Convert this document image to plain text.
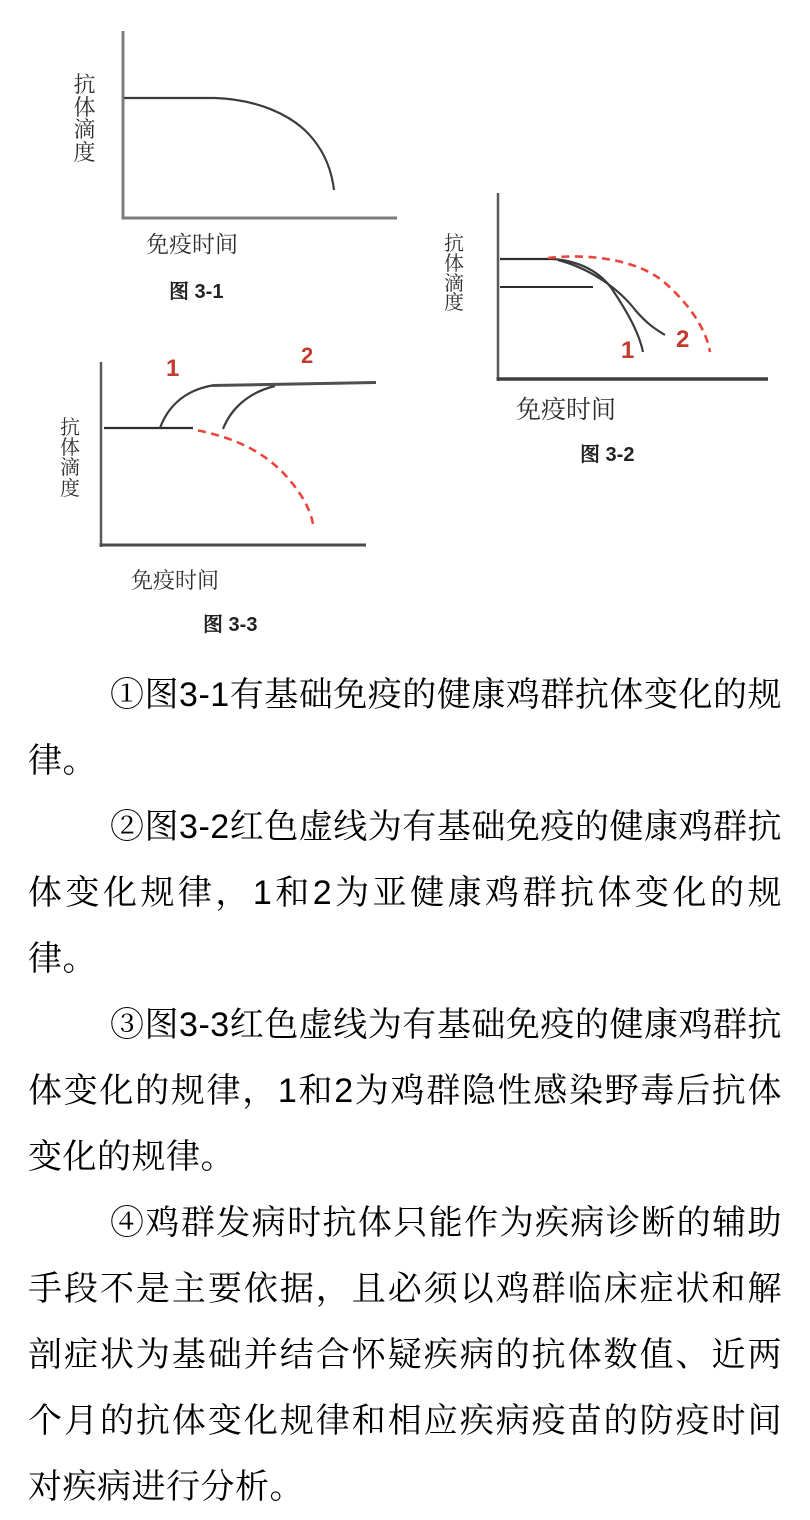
抗体滴度
免疫时间
图 3-1
1 2
抗体滴度
免疫时间
图 3-2
1	2
抗体滴度
免疫时间
图 3-3

①图3-1有基础免疫的健康鸡群抗体变化的规律。

②图3-2红色虚线为有基础免疫的健康鸡群抗体变化规律，1和2为亚健康鸡群抗体变化的规律。

③图3-3红色虚线为有基础免疫的健康鸡群抗体变化的规律，1和2为鸡群隐性感染野毒后抗体变化的规律。

④鸡群发病时抗体只能作为疾病诊断的辅助手段不是主要依据，且必须以鸡群临床症状和解剖症状为基础并结合怀疑疾病的抗体数值、近两个月的抗体变化规律和相应疾病疫苗的防疫时间对疾病进行分析。
